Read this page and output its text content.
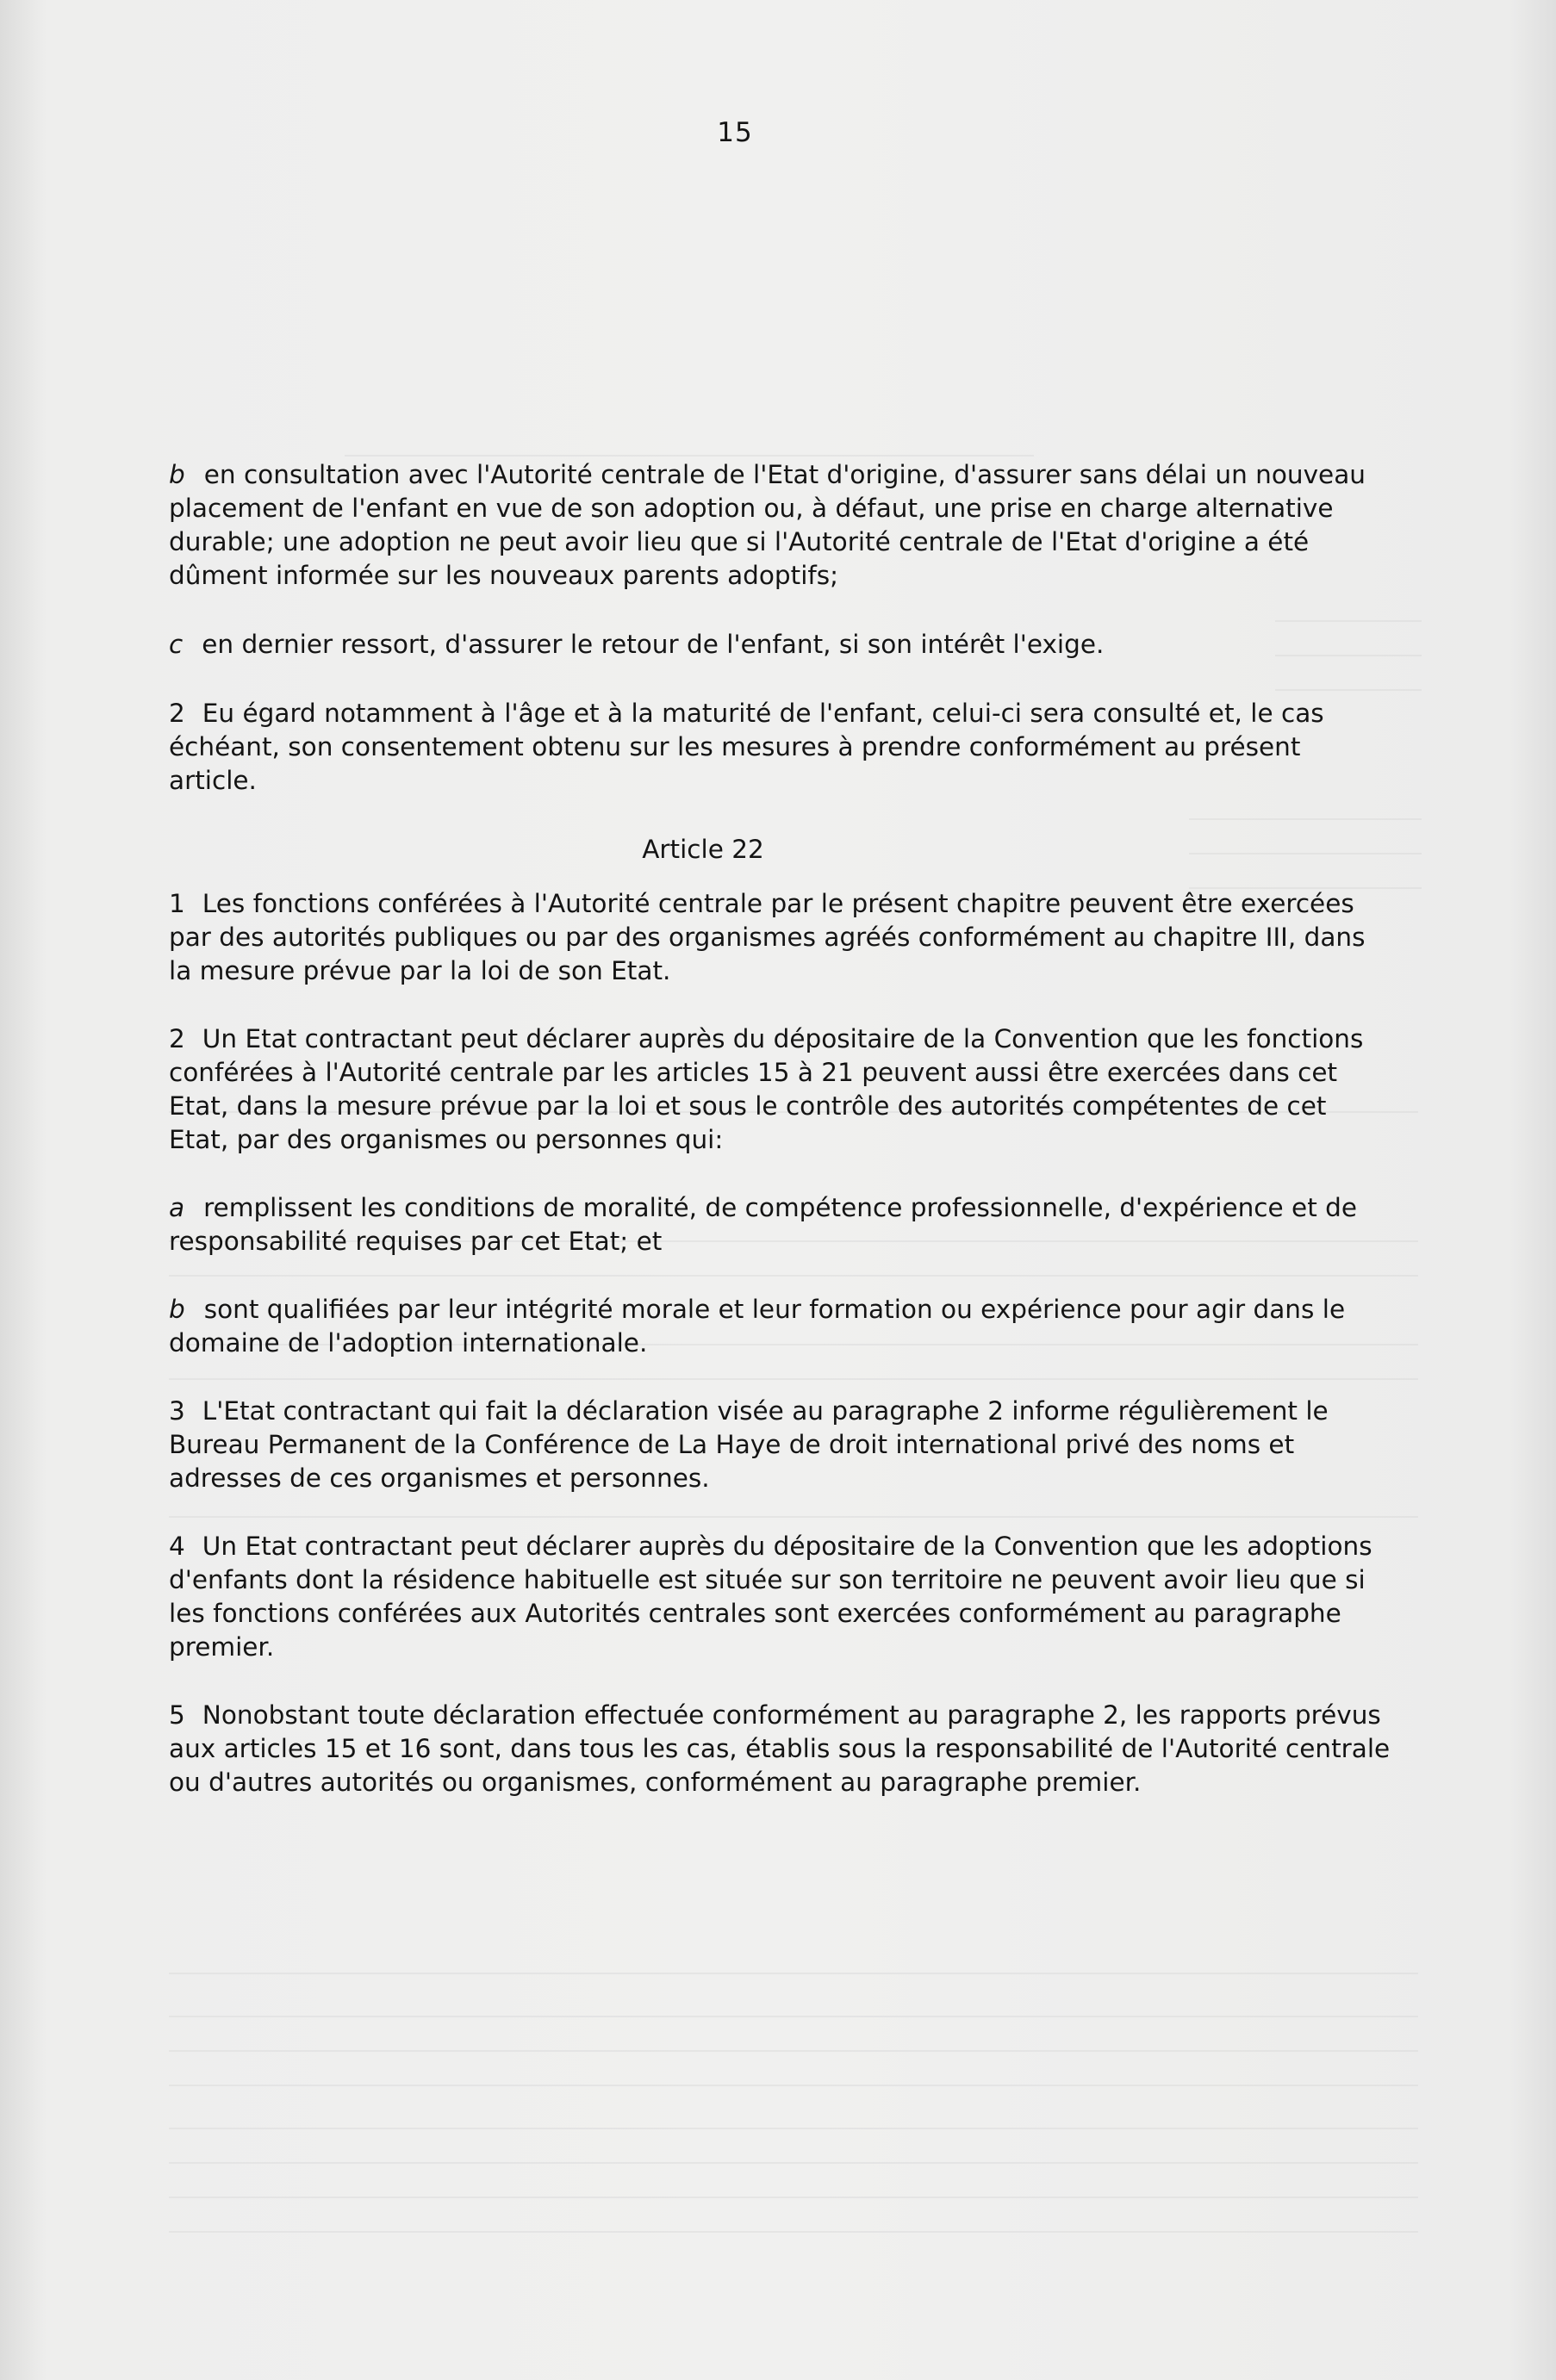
15

b en consultation avec l'Autorité centrale de l'Etat d'origine, d'assurer sans délai un nouveau placement de l'enfant en vue de son adoption ou, à défaut, une prise en charge alternative durable; une adoption ne peut avoir lieu que si l'Autorité centrale de l'Etat d'origine a été dûment informée sur les nouveaux parents adoptifs;

c en dernier ressort, d'assurer le retour de l'enfant, si son intérêt l'exige.

2 Eu égard notamment à l'âge et à la maturité de l'enfant, celui-ci sera consulté et, le cas échéant, son consentement obtenu sur les mesures à prendre conformément au présent article.

Article 22

1 Les fonctions conférées à l'Autorité centrale par le présent chapitre peuvent être exercées par des autorités publiques ou par des organismes agréés conformément au chapitre III, dans la mesure prévue par la loi de son Etat.

2 Un Etat contractant peut déclarer auprès du dépositaire de la Convention que les fonctions conférées à l'Autorité centrale par les articles 15 à 21 peuvent aussi être exercées dans cet Etat, dans la mesure prévue par la loi et sous le contrôle des autorités compétentes de cet Etat, par des organismes ou personnes qui:

a remplissent les conditions de moralité, de compétence professionnelle, d'expérience et de responsabilité requises par cet Etat; et

b sont qualifiées par leur intégrité morale et leur formation ou expérience pour agir dans le domaine de l'adoption internationale.

3 L'Etat contractant qui fait la déclaration visée au paragraphe 2 informe régulièrement le Bureau Permanent de la Conférence de La Haye de droit international privé des noms et adresses de ces organismes et personnes.

4 Un Etat contractant peut déclarer auprès du dépositaire de la Convention que les adoptions d'enfants dont la résidence habituelle est située sur son territoire ne peuvent avoir lieu que si les fonctions conférées aux Autorités centrales sont exercées conformément au paragraphe premier.

5 Nonobstant toute déclaration effectuée conformément au paragraphe 2, les rapports prévus aux articles 15 et 16 sont, dans tous les cas, établis sous la responsabilité de l'Autorité centrale ou d'autres autorités ou organismes, conformément au paragraphe premier.
